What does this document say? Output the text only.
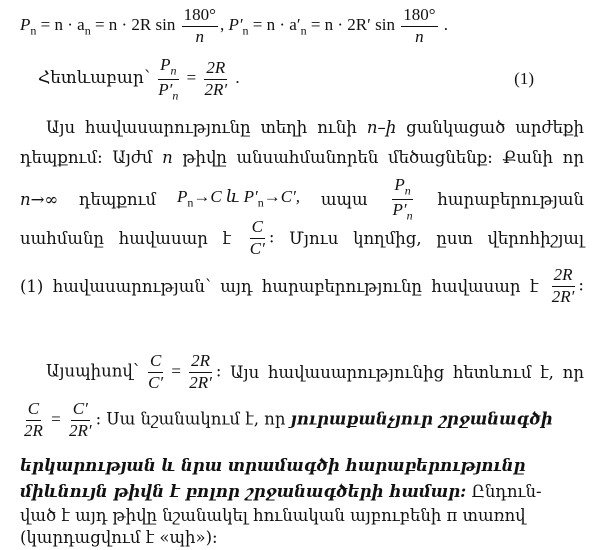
$P_n = n \cdot a_n = n \cdot 2R$ $\sin \frac{180^\circ}{n}$ , $P'_n = n \cdot a'_n = n \cdot 2R'$ $\sin \frac{180^\circ}{n}$ .
Հետևաբար՝ $\frac{P_n}{P'_n} = \frac{2R}{2R'}$ .	(1)
Այս հավասարությունը տեղի ունի n–ի ցանկացած արժեքի
դեպքում: Այժմ n թիվը անսահմանորեն մեծացնենք: Քանի որ
n→∞ դեպքում $P_n\to C$ և $P'_n\to C'$, ապա $\frac{P_n}{P'_n}$ հարաբերության
սահմանը հավասար է $\frac{C}{C'}$ : Մյուս կողմից, ըստ վերոհիշյալ
(1) հավասարության՝ այդ հարաբերությունը հավասար է $\frac{2R}{2R'}$ :
Այսպիսով՝ $\frac{C}{C'} = \frac{2R}{2R'}$ : Այս հավասարությունից հետևում է, որ
$\frac{C}{2R} = \frac{C'}{2R'}$ : Սա նշանակում է, որ յուրաքանչյուր շրջանագծի
երկարության և նրա տրամագծի հարաբերությունը
միևնույն թիվն է բոլոր շրջանագծերի համար: Ընդուն-
ված է այդ թիվը նշանակել հունական այբուբենի π տառով
(կարդացվում է «պի»):
